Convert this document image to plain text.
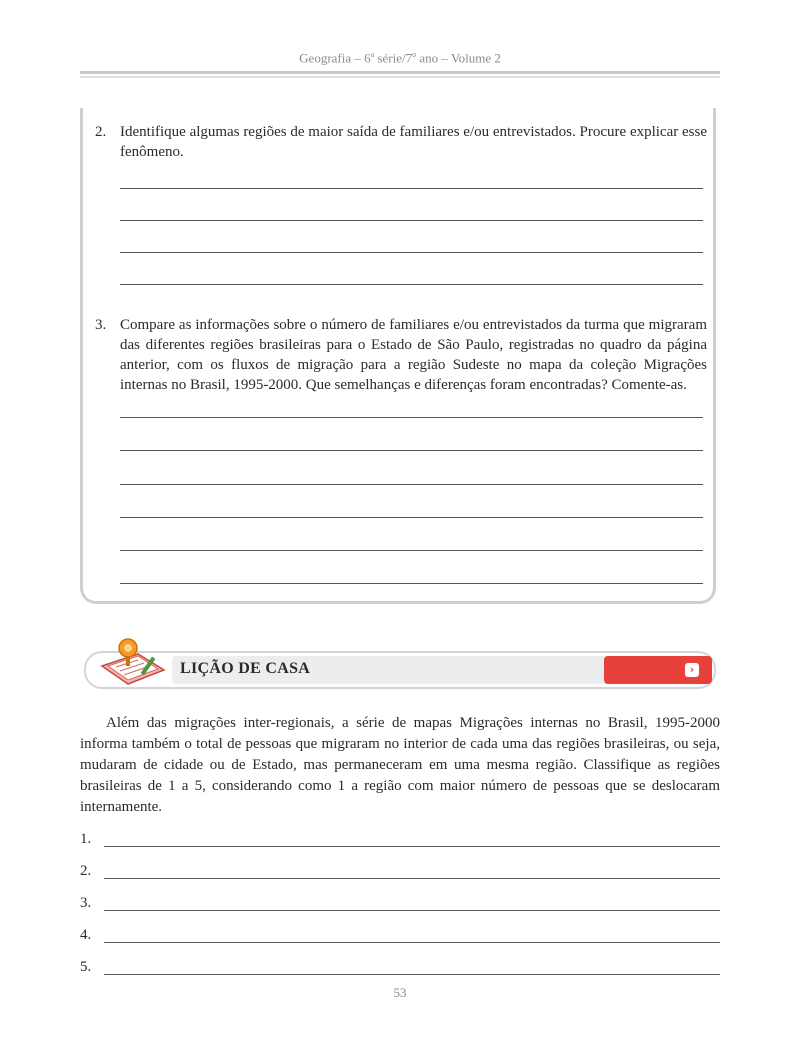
Geografia – 6$^a$ série/7$^o$ ano – Volume 2
2. Identifique algumas regiões de maior saída de familiares e/ou entrevistados. Procure explicar esse fenômeno.
3. Compare as informações sobre o número de familiares e/ou entrevistados da turma que migraram das diferentes regiões brasileiras para o Estado de São Paulo, registradas no quadro da página anterior, com os fluxos de migração para a região Sudeste no mapa da coleção Migrações internas no Brasil, 1995-2000. Que semelhanças e diferenças foram encontradas? Comente-as.
LIÇÃO DE CASA	›
Além das migrações inter-regionais, a série de mapas Migrações internas no Brasil, 1995-2000 informa também o total de pessoas que migraram no interior de cada uma das regiões brasileiras, ou seja, mudaram de cidade ou de Estado, mas permaneceram em uma mesma região. Classifique as regiões brasileiras de 1 a 5, considerando como 1 a região com maior número de pessoas que se deslocaram internamente.
1.
2.
3.
4.
5.
53
